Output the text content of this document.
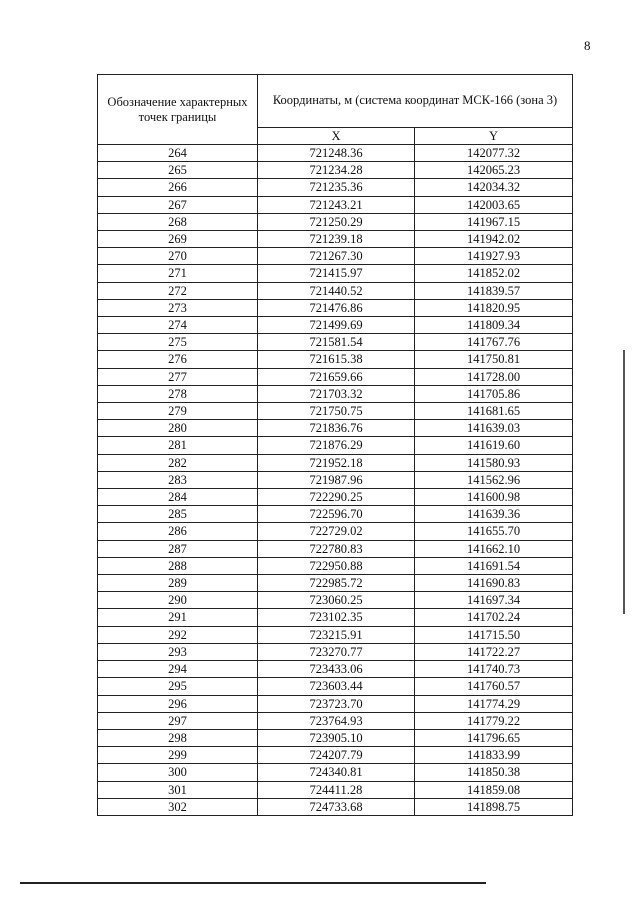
8
Обозначение характерных точек границы	Координаты, м (система координат МСК-166 (зона 3)	
	X	Y
264	721248.36	142077.32
265	721234.28	142065.23
266	721235.36	142034.32
267	721243.21	142003.65
268	721250.29	141967.15
269	721239.18	141942.02
270	721267.30	141927.93
271	721415.97	141852.02
272	721440.52	141839.57
273	721476.86	141820.95
274	721499.69	141809.34
275	721581.54	141767.76
276	721615.38	141750.81
277	721659.66	141728.00
278	721703.32	141705.86
279	721750.75	141681.65
280	721836.76	141639.03
281	721876.29	141619.60
282	721952.18	141580.93
283	721987.96	141562.96
284	722290.25	141600.98
285	722596.70	141639.36
286	722729.02	141655.70
287	722780.83	141662.10
288	722950.88	141691.54
289	722985.72	141690.83
290	723060.25	141697.34
291	723102.35	141702.24
292	723215.91	141715.50
293	723270.77	141722.27
294	723433.06	141740.73
295	723603.44	141760.57
296	723723.70	141774.29
297	723764.93	141779.22
298	723905.10	141796.65
299	724207.79	141833.99
300	724340.81	141850.38
301	724411.28	141859.08
302	724733.68	141898.75
